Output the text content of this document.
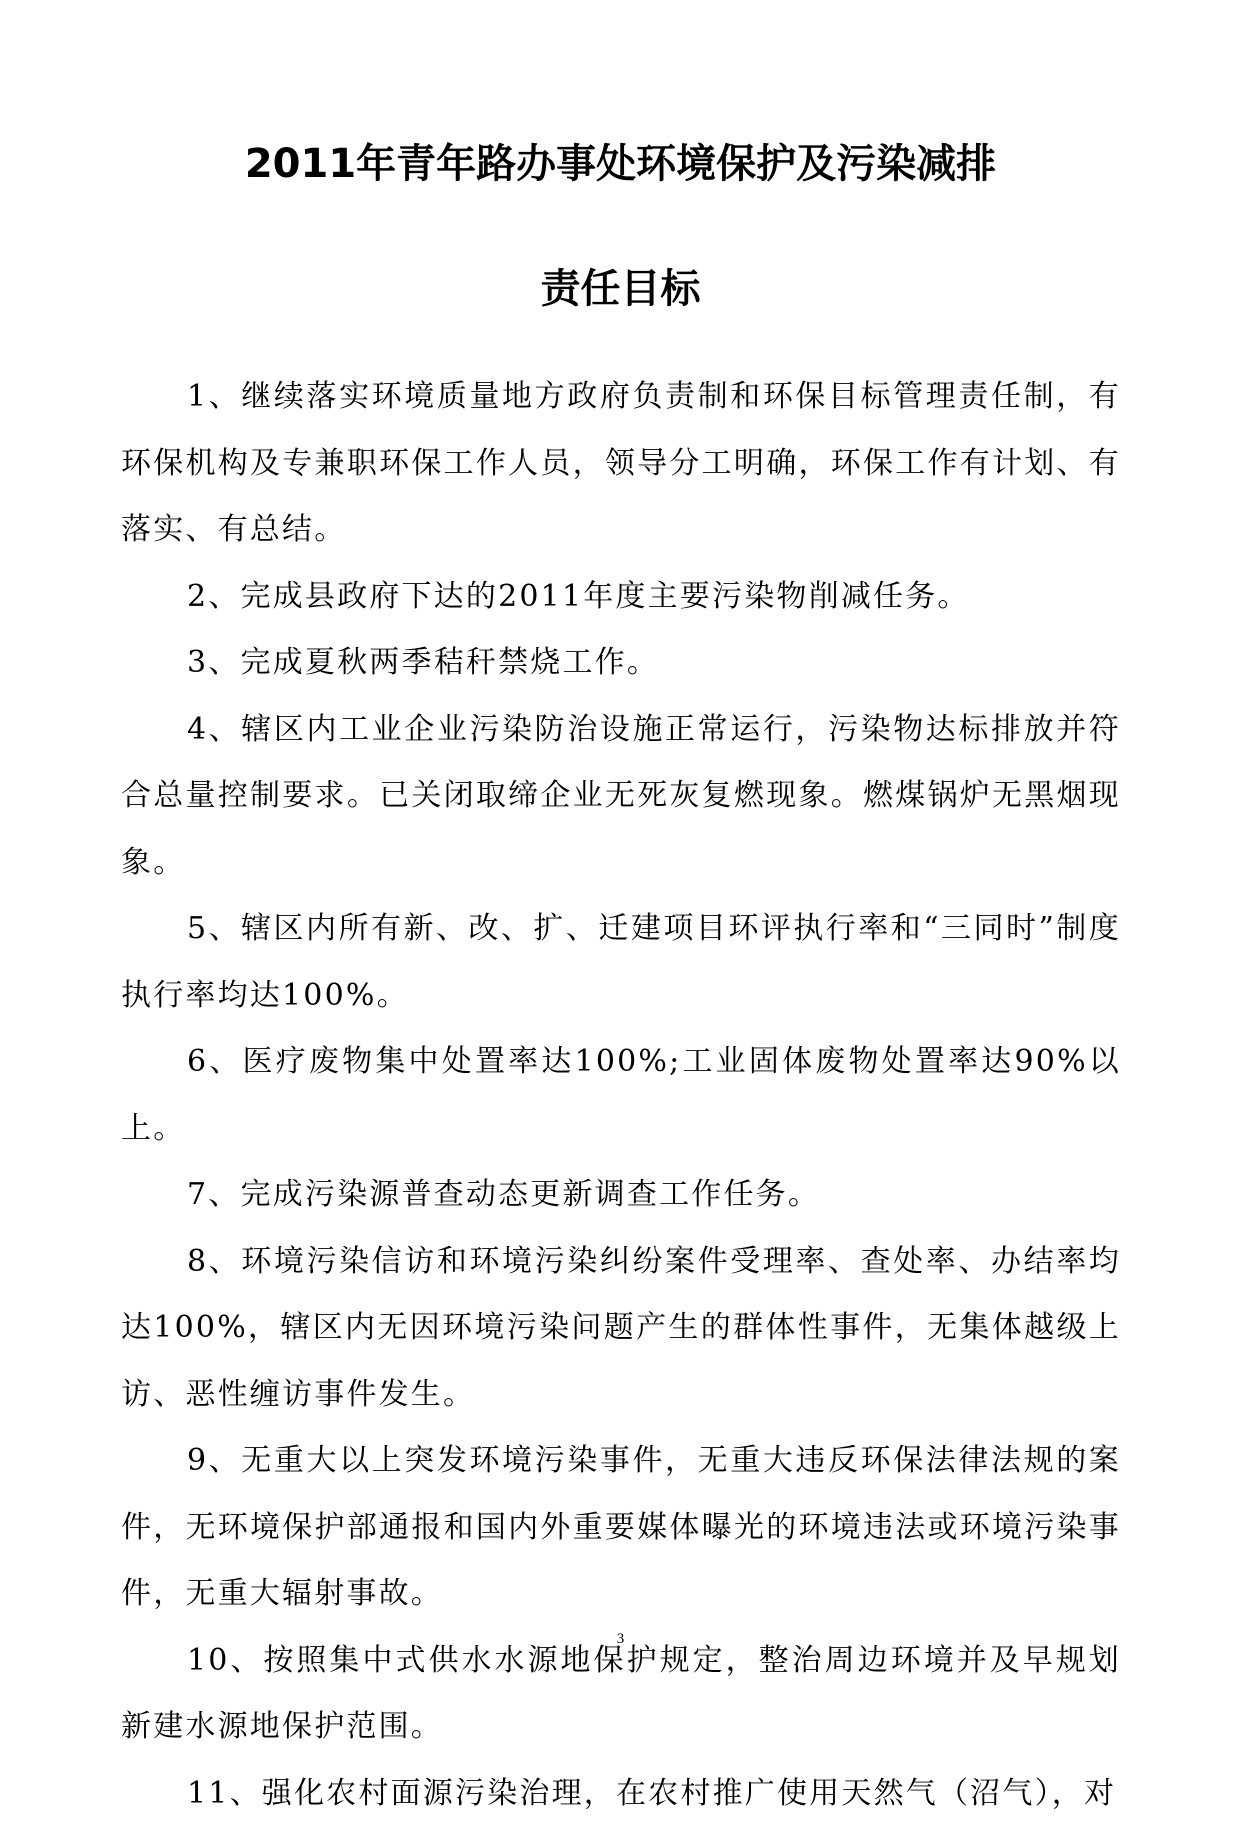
2011年青年路办事处环境保护及污染减排
责任目标

1、继续落实环境质量地方政府负责制和环保目标管理责任制，有环保机构及专兼职环保工作人员，领导分工明确，环保工作有计划、有落实、有总结。

2、完成县政府下达的2011年度主要污染物削减任务。

3、完成夏秋两季秸秆禁烧工作。

4、辖区内工业企业污染防治设施正常运行，污染物达标排放并符合总量控制要求。已关闭取缔企业无死灰复燃现象。燃煤锅炉无黑烟现象。

5、辖区内所有新、改、扩、迁建项目环评执行率和“三同时”制度执行率均达100%。

6、医疗废物集中处置率达100%;工业固体废物处置率达90%以上。

7、完成污染源普查动态更新调查工作任务。

8、环境污染信访和环境污染纠纷案件受理率、查处率、办结率均达100%，辖区内无因环境污染问题产生的群体性事件，无集体越级上访、恶性缠访事件发生。

9、无重大以上突发环境污染事件，无重大违反环保法律法规的案件，无环境保护部通报和国内外重要媒体曝光的环境违法或环境污染事件，无重大辐射事故。

10、按照集中式供水水源地保护规定，整治周边环境并及早规划新建水源地保护范围。

11、强化农村面源污染治理，在农村推广使用天然气（沼气），对

3
